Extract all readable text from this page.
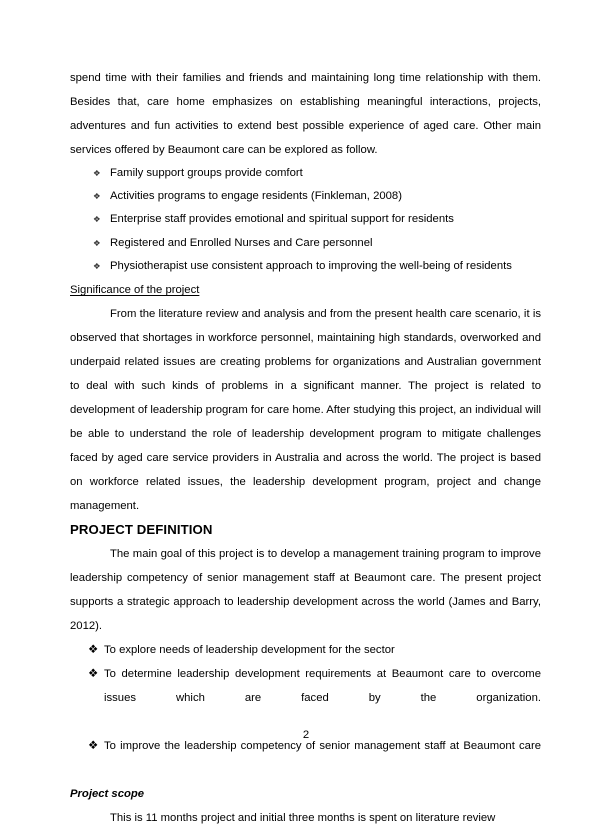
spend time with their families and friends and maintaining long time relationship with them. Besides that, care home emphasizes on establishing meaningful interactions, projects, adventures and fun activities to extend best possible experience of aged care. Other main services offered by Beaumont care can be explored as follow.

❖ Family support groups provide comfort
❖ Activities programs to engage residents (Finkleman, 2008)
❖ Enterprise staff provides emotional and spiritual support for residents
❖ Registered and Enrolled Nurses and Care personnel
❖ Physiotherapist use consistent approach to improving the well-being of residents

Significance of the project

From the literature review and analysis and from the present health care scenario, it is observed that shortages in workforce personnel, maintaining high standards, overworked and underpaid related issues are creating problems for organizations and Australian government to deal with such kinds of problems in a significant manner. The project is related to development of leadership program for care home. After studying this project, an individual will be able to understand the role of leadership development program to mitigate challenges faced by aged care service providers in Australia and across the world. The project is based on workforce related issues, the leadership development program, project and change management.

PROJECT DEFINITION

The main goal of this project is to develop a management training program to improve leadership competency of senior management staff at Beaumont care. The present project supports a strategic approach to leadership development across the world (James and Barry, 2012).

❖ To explore needs of leadership development for the sector
❖ To determine leadership development requirements at Beaumont care to overcome issues which are faced by the organization.
❖ To improve the leadership competency of senior management staff at Beaumont care

Project scope

This is 11 months project and initial three months is spent on literature review

2
